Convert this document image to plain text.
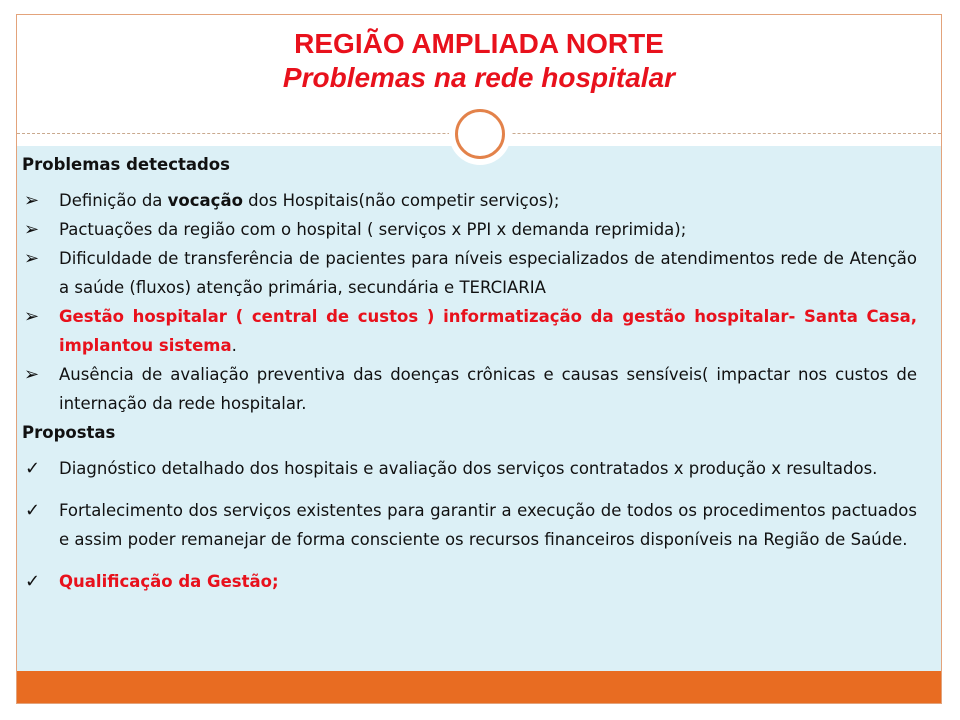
REGIÃO AMPLIADA NORTE
Problemas na rede hospitalar

Problemas detectados

➢ Definição da vocação dos Hospitais(não competir serviços);

➢ Pactuações da região com o hospital ( serviços x PPI x demanda reprimida);

➢ Dificuldade de transferência de pacientes para níveis especializados de atendimentos rede de Atenção a saúde (fluxos) atenção primária, secundária e TERCIARIA

➢ Gestão hospitalar ( central de custos ) informatização da gestão hospitalar- Santa Casa, implantou sistema.

➢ Ausência de avaliação preventiva das doenças crônicas e causas sensíveis( impactar nos custos de internação da rede hospitalar.

Propostas

✓ Diagnóstico detalhado dos hospitais e avaliação dos serviços contratados x produção x resultados.

✓ Fortalecimento dos serviços existentes para garantir a execução de todos os procedimentos pactuados e assim poder remanejar de forma consciente os recursos financeiros disponíveis na Região de Saúde.

✓ Qualificação da Gestão;
